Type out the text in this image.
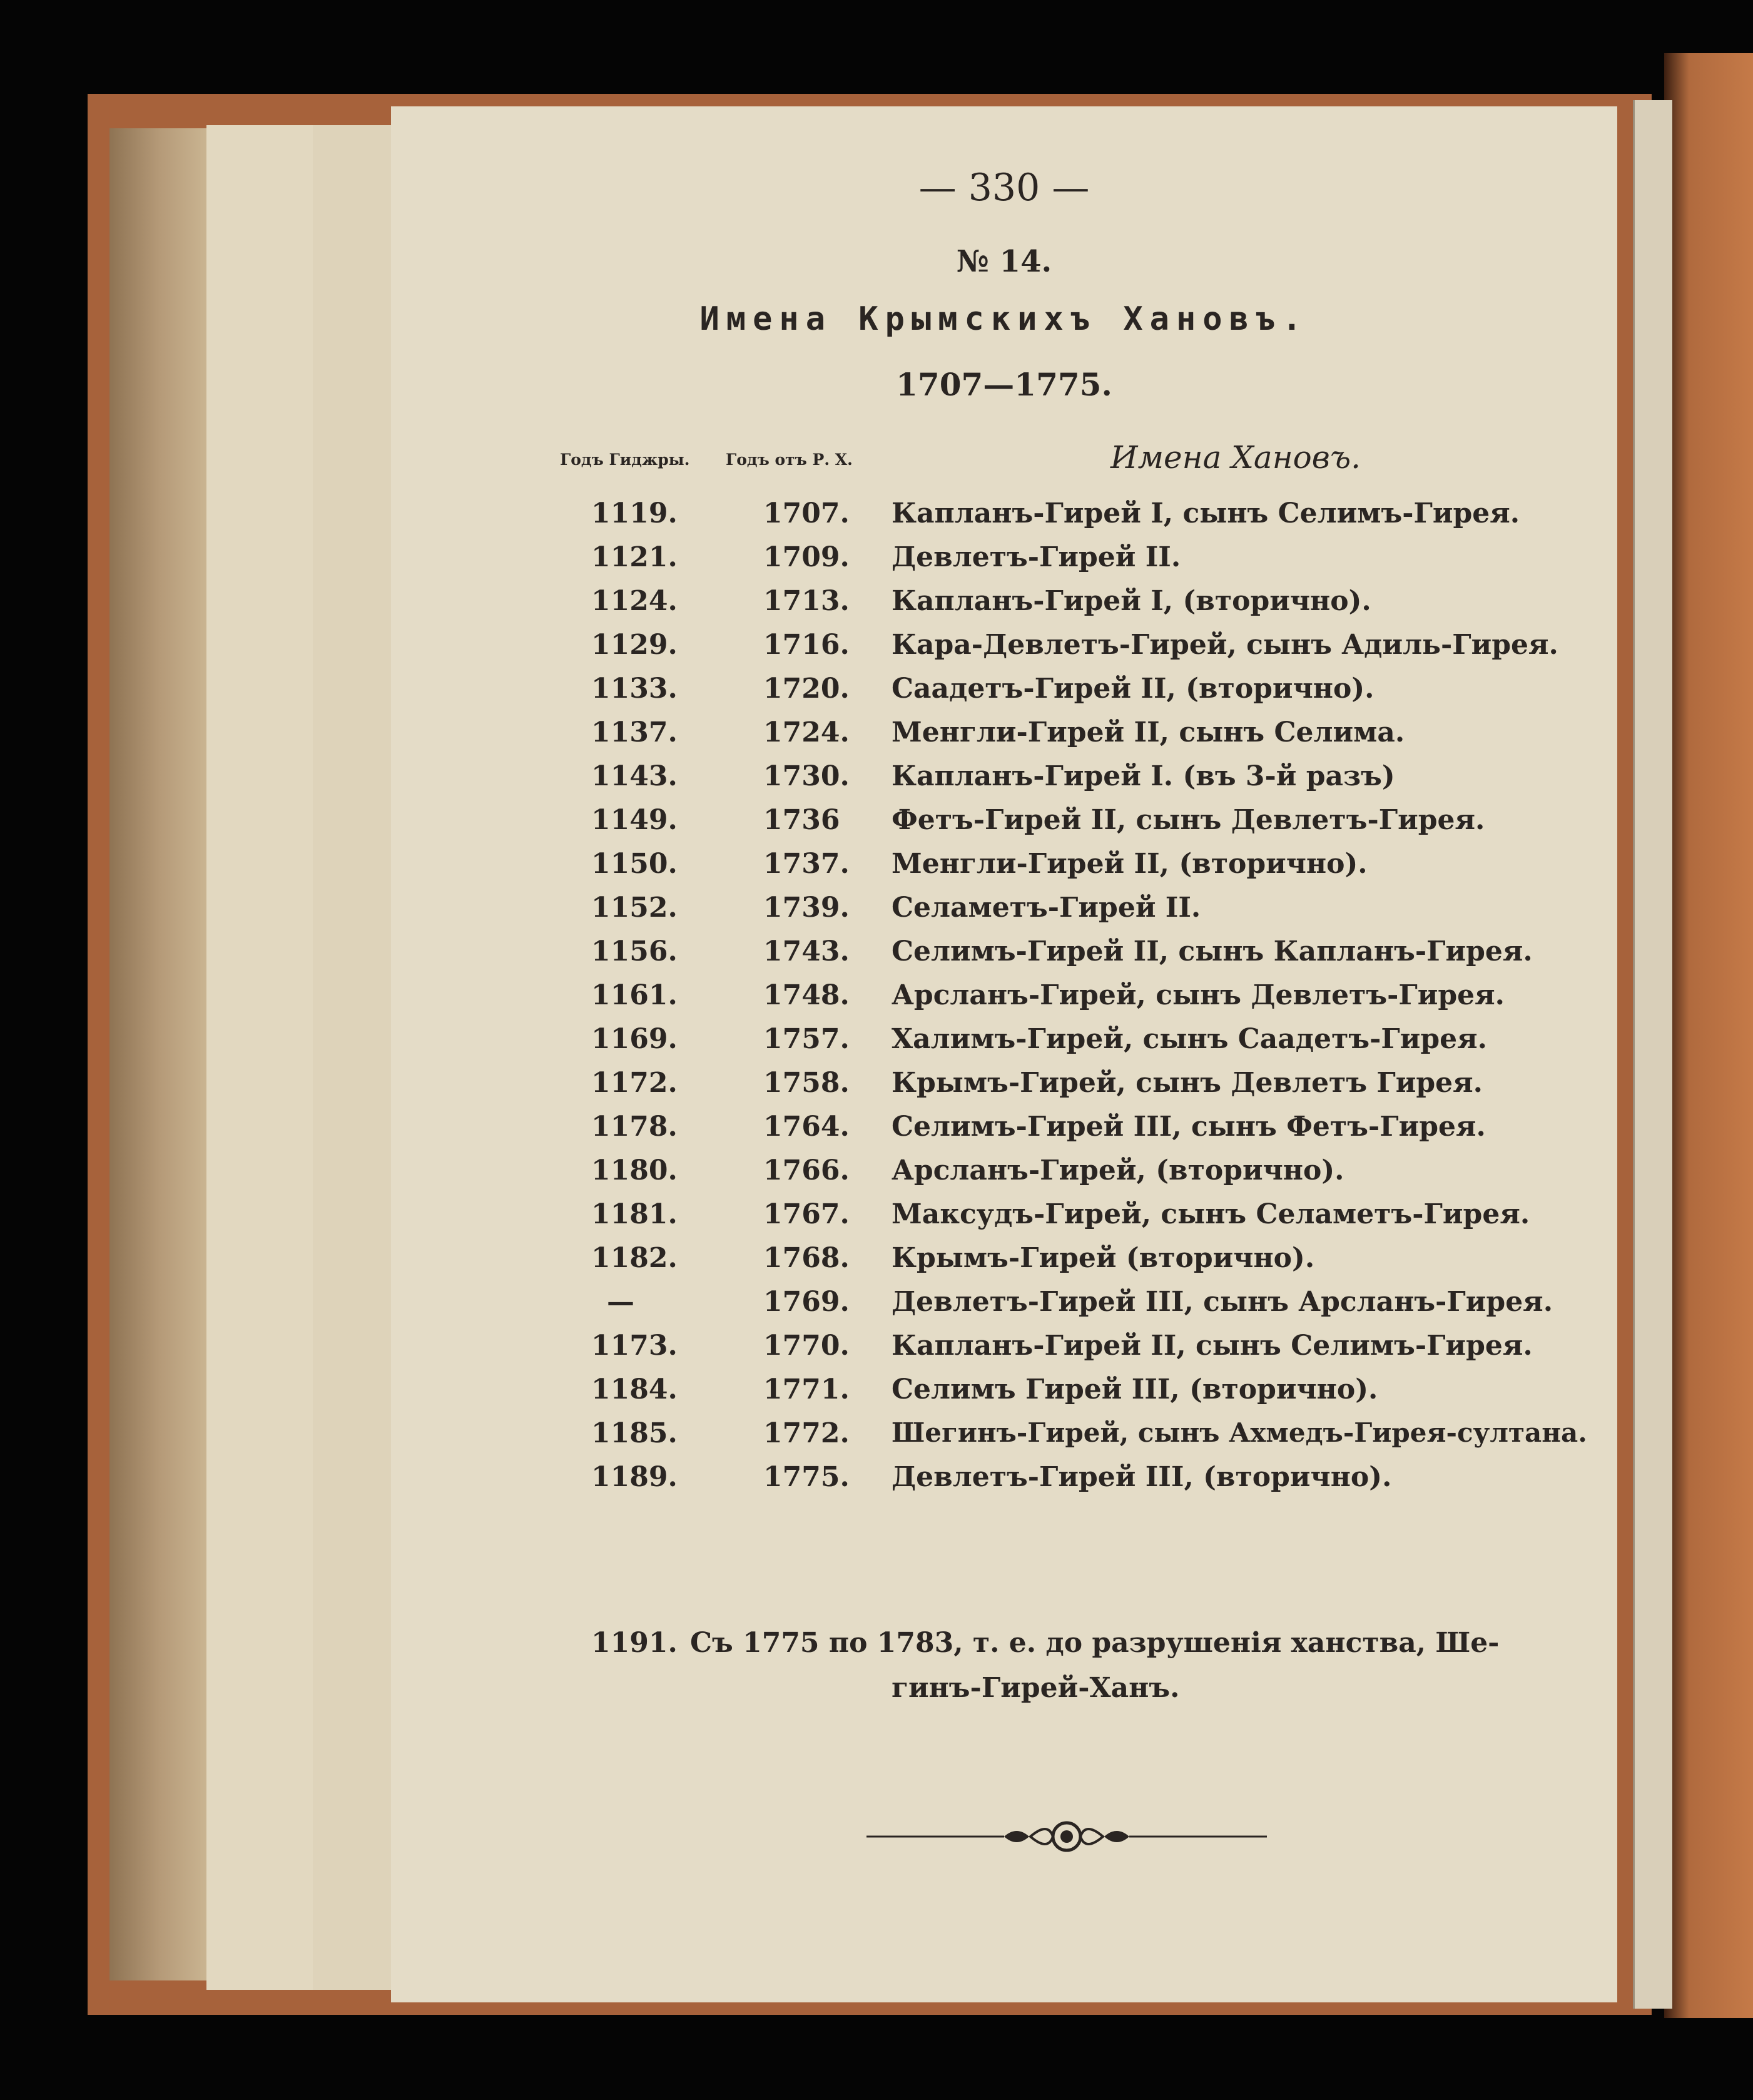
— 330 —
№ 14.
Имена Крымскихъ Хановъ.
1707—1775.
Годъ Гиджры. Годъ отъ Р. Х.	Имена Хановъ.
1119.	1707. Капланъ-Гирей I, сынъ Селимъ-Гирея.
1121.	1709. Девлетъ-Гирей II.
1124.	1713. Капланъ-Гирей I, (вторично).
1129.	1716. Кара-Девлетъ-Гирей, сынъ Адиль-Гирея.
1133.	1720. Саадетъ-Гирей II, (вторично).
1137.	1724. Менгли-Гирей II, сынъ Селима.
1143.	1730. Капланъ-Гирей I. (въ 3-й разъ)
1149.	1736 Фетъ-Гирей II, сынъ Девлетъ-Гирея.
1150.	1737. Менгли-Гирей II, (вторично).
1152.	1739. Селаметъ-Гирей II.
1156.	1743. Селимъ-Гирей II, сынъ Капланъ-Гирея.
1161.	1748. Арсланъ-Гирей, сынъ Девлетъ-Гирея.
1169.	1757. Халимъ-Гирей, сынъ Саадетъ-Гирея.
1172.	1758. Крымъ-Гирей, сынъ Девлетъ Гирея.
1178.	1764. Селимъ-Гирей III, сынъ Фетъ-Гирея.
1180.	1766. Арсланъ-Гирей, (вторично).
1181.	1767. Максудъ-Гирей, сынъ Селаметъ-Гирея.
1182.	1768. Крымъ-Гирей (вторично).
—	1769. Девлетъ-Гирей III, сынъ Арсланъ-Гирея.
1173.	1770. Капланъ-Гирей II, сынъ Селимъ-Гирея.
1184.	1771. Селимъ Гирей III, (вторично).
1185.	1772. Шегинъ-Гирей, сынъ Ахмедъ-Гирея-султана.
1189.	1775. Девлетъ-Гирей III, (вторично).
1191. Съ 1775 по 1783, т. е. до разрушенія ханства, Ше-
гинъ-Гирей-Ханъ.
